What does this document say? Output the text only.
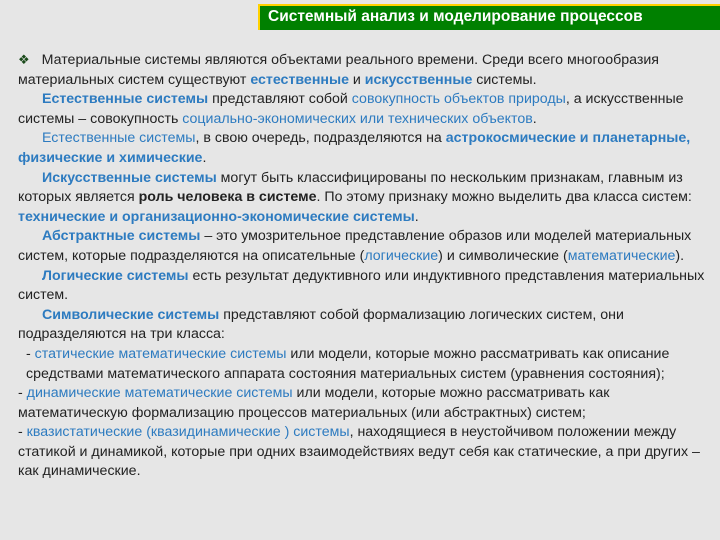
Системный анализ и моделирование процессов

❖ Материальные системы являются объектами реального времени. Среди всего многообразия материальных систем существуют естественные и искусственные системы.

Естественные системы представляют собой совокупность объектов природы, а искусственные системы – совокупность социально-экономических или технических объектов.

Естественные системы, в свою очередь, подразделяются на астрокосмические и планетарные, физические и химические.

Искусственные системы могут быть классифицированы по нескольким признакам, главным из которых является роль человека в системе. По этому признаку можно выделить два класса систем: технические и организационно-экономические системы.

Абстрактные системы – это умозрительное представление образов или моделей материальных систем, которые подразделяются на описательные (логические) и символические (математические).

Логические системы есть результат дедуктивного или индуктивного представления материальных систем.

Символические системы представляют собой формализацию логических систем, они подразделяются на три класса:

- статические математические системы или модели, которые можно рассматривать как описание средствами математического аппарата состояния материальных систем (уравнения состояния);

- динамические математические системы или модели, которые можно рассматривать как математическую формализацию процессов материальных (или абстрактных) систем;

- квазистатические (квазидинамические ) системы, находящиеся в неустойчивом положении между статикой и динамикой, которые при одних взаимодействиях ведут себя как статические, а при других – как динамические.
